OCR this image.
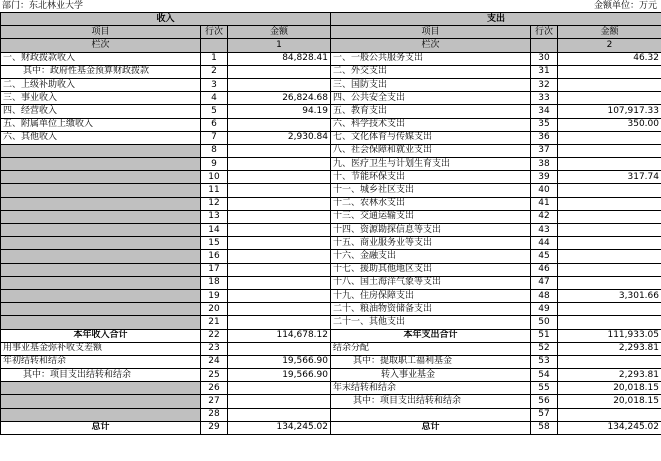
部门：东北林业大学	金额单位：万元
收入			支出		
项目	行次	金额	项目	行次	金额
栏次		1	栏次		2
一、财政拨款收入	1	84,828.41	一、一般公共服务支出	30	46.32
其中：政府性基金预算财政拨款	2		二、外交支出	31	
二、上级补助收入	3		三、国防支出	32	
三、事业收入	4	26,824.68	四、公共安全支出	33	
四、经营收入	5	94.19	五、教育支出	34	107,917.33
五、附属单位上缴收入	6		六、科学技术支出	35	350.00
六、其他收入	7	2,930.84	七、文化体育与传媒支出	36	
	8		八、社会保障和就业支出	37	
	9		九、医疗卫生与计划生育支出	38	
	10		十、节能环保支出	39	317.74
	11		十一、城乡社区支出	40	
	12		十二、农林水支出	41	
	13		十三、交通运输支出	42	
	14		十四、资源勘探信息等支出	43	
	15		十五、商业服务业等支出	44	
	16		十六、金融支出	45	
	17		十七、援助其他地区支出	46	
	18		十八、国土海洋气象等支出	47	
	19		十九、住房保障支出	48	3,301.66
	20		二十、粮油物资储备支出	49	
	21		二十一、其他支出	50	
本年收入合计	22	114,678.12	本年支出合计	51	111,933.05
用事业基金弥补收支差额	23		结余分配	52	2,293.81
年初结转和结余	24	19,566.90	其中：提取职工福利基金	53	
其中：项目支出结转和结余	25	19,566.90	转入事业基金	54	2,293.81
	26		年末结转和结余	55	20,018.15
	27		其中：项目支出结转和结余	56	20,018.15
	28			57	
总计	29	134,245.02	总计	58	134,245.02
